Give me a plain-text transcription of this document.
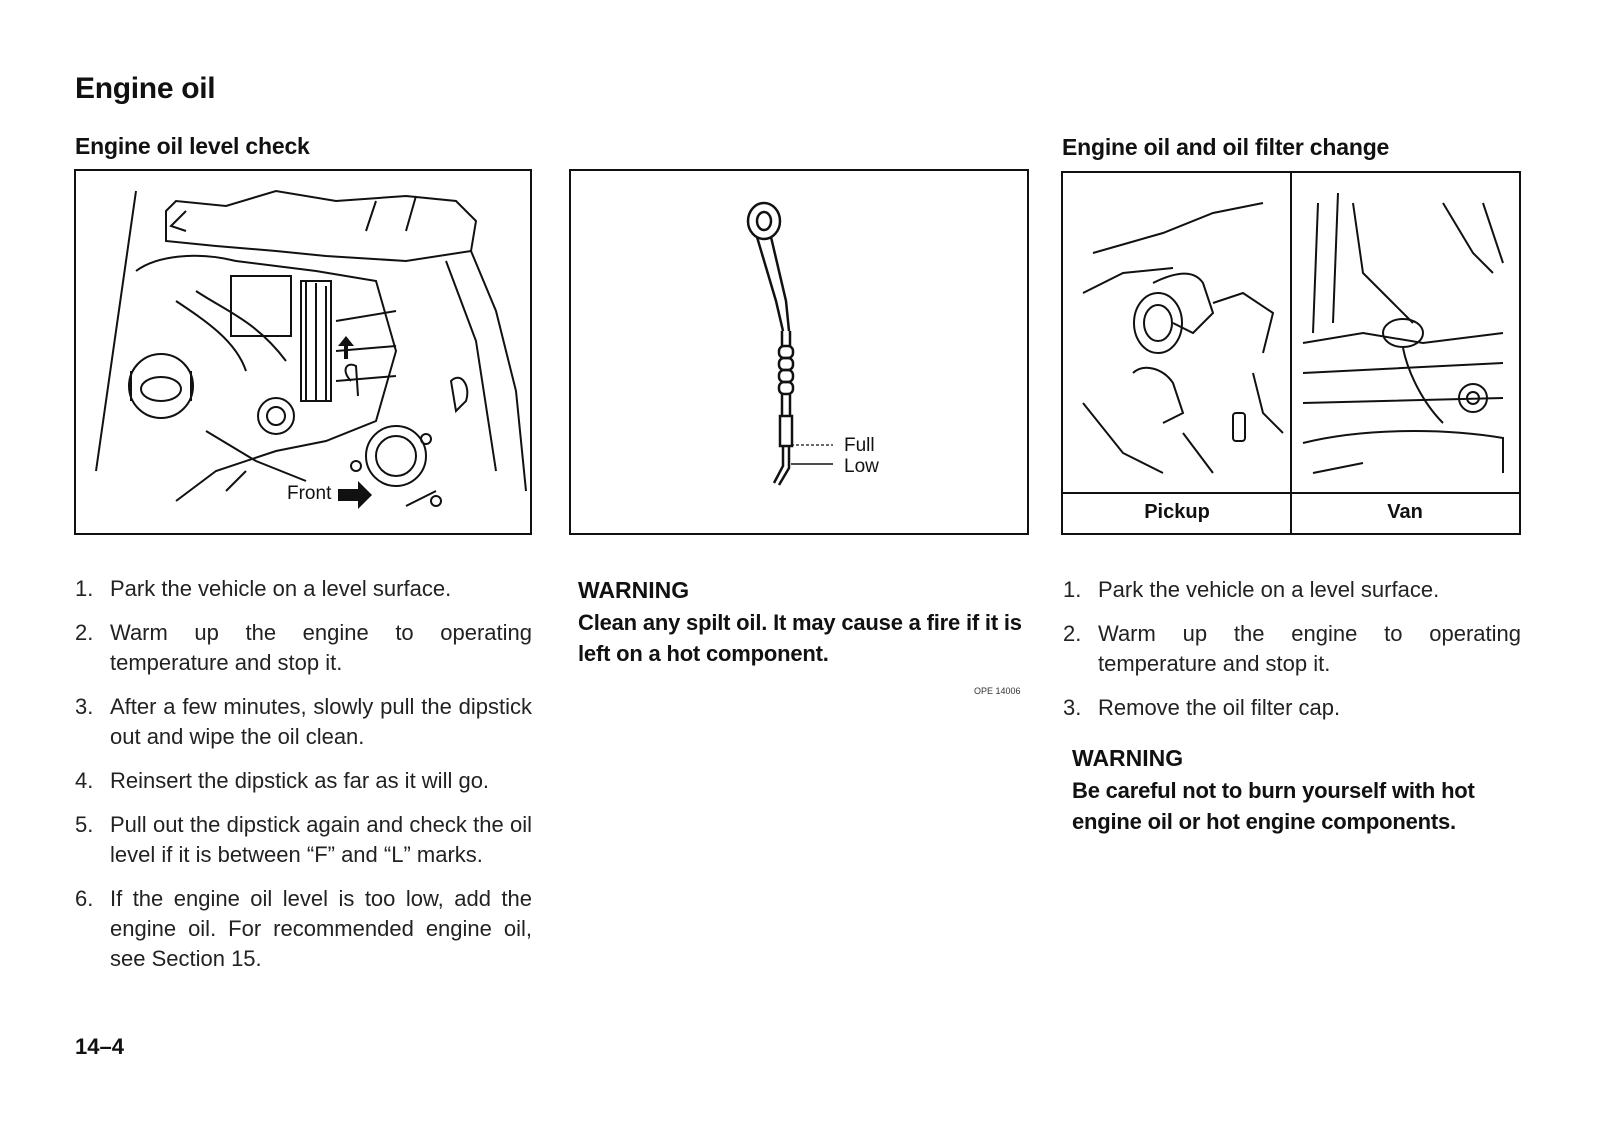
Engine oil
Engine oil level check	Engine oil and oil filter change
Front
Full
Low
Pickup	Van
1. Park the vehicle on a level surface.
2. Warm up the engine to operating temperature and stop it.
3. After a few minutes, slowly pull the dipstick out and wipe the oil clean.
4. Reinsert the dipstick as far as it will go.
5. Pull out the dipstick again and check the oil level if it is between “F” and “L” marks.
6. If the engine oil level is too low, add the engine oil. For recommended engine oil, see Section 15.
WARNING
Clean any spilt oil. It may cause a fire if it is left on a hot component.
OPE 14006
1. Park the vehicle on a level surface.
2. Warm up the engine to operating temperature and stop it.
3. Remove the oil filter cap.
WARNING
Be careful not to burn yourself with hot engine oil or hot engine components.
14–4
